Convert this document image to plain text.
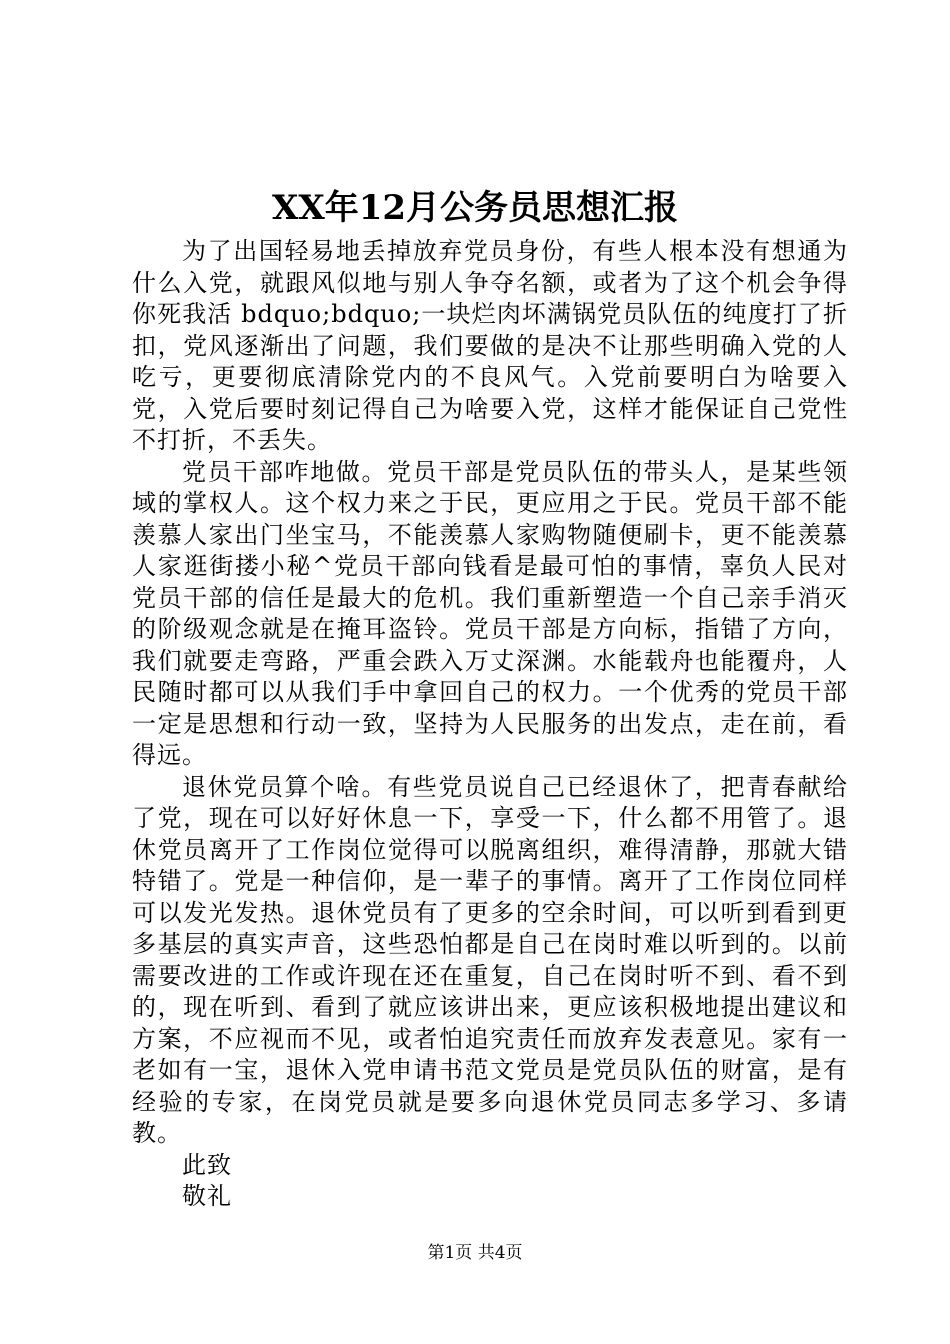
XX年12月公务员思想汇报

为了出国轻易地丢掉放弃党员身份，有些人根本没有想通为什么入党，就跟风似地与别人争夺名额，或者为了这个机会争得你死我活 bdquo;bdquo;一块烂肉坏满锅党员队伍的纯度打了折扣，党风逐渐出了问题，我们要做的是决不让那些明确入党的人吃亏，更要彻底清除党内的不良风气。入党前要明白为啥要入党，入党后要时刻记得自己为啥要入党，这样才能保证自己党性不打折，不丢失。

党员干部咋地做。党员干部是党员队伍的带头人，是某些领域的掌权人。这个权力来之于民，更应用之于民。党员干部不能羡慕人家出门坐宝马，不能羡慕人家购物随便刷卡，更不能羡慕人家逛街搂小秘^党员干部向钱看是最可怕的事情，辜负人民对党员干部的信任是最大的危机。我们重新塑造一个自己亲手消灭的阶级观念就是在掩耳盗铃。党员干部是方向标，指错了方向，我们就要走弯路，严重会跌入万丈深渊。水能载舟也能覆舟，人民随时都可以从我们手中拿回自己的权力。一个优秀的党员干部一定是思想和行动一致，坚持为人民服务的出发点，走在前，看得远。

退休党员算个啥。有些党员说自己已经退休了，把青春献给了党，现在可以好好休息一下，享受一下，什么都不用管了。退休党员离开了工作岗位觉得可以脱离组织，难得清静，那就大错特错了。党是一种信仰，是一辈子的事情。离开了工作岗位同样可以发光发热。退休党员有了更多的空余时间，可以听到看到更多基层的真实声音，这些恐怕都是自己在岗时难以听到的。以前需要改进的工作或许现在还在重复，自己在岗时听不到、看不到的，现在听到、看到了就应该讲出来，更应该积极地提出建议和方案，不应视而不见，或者怕追究责任而放弃发表意见。家有一老如有一宝，退休入党申请书范文党员是党员队伍的财富，是有经验的专家，在岗党员就是要多向退休党员同志多学习、多请教。

此致

敬礼

第1页 共4页
